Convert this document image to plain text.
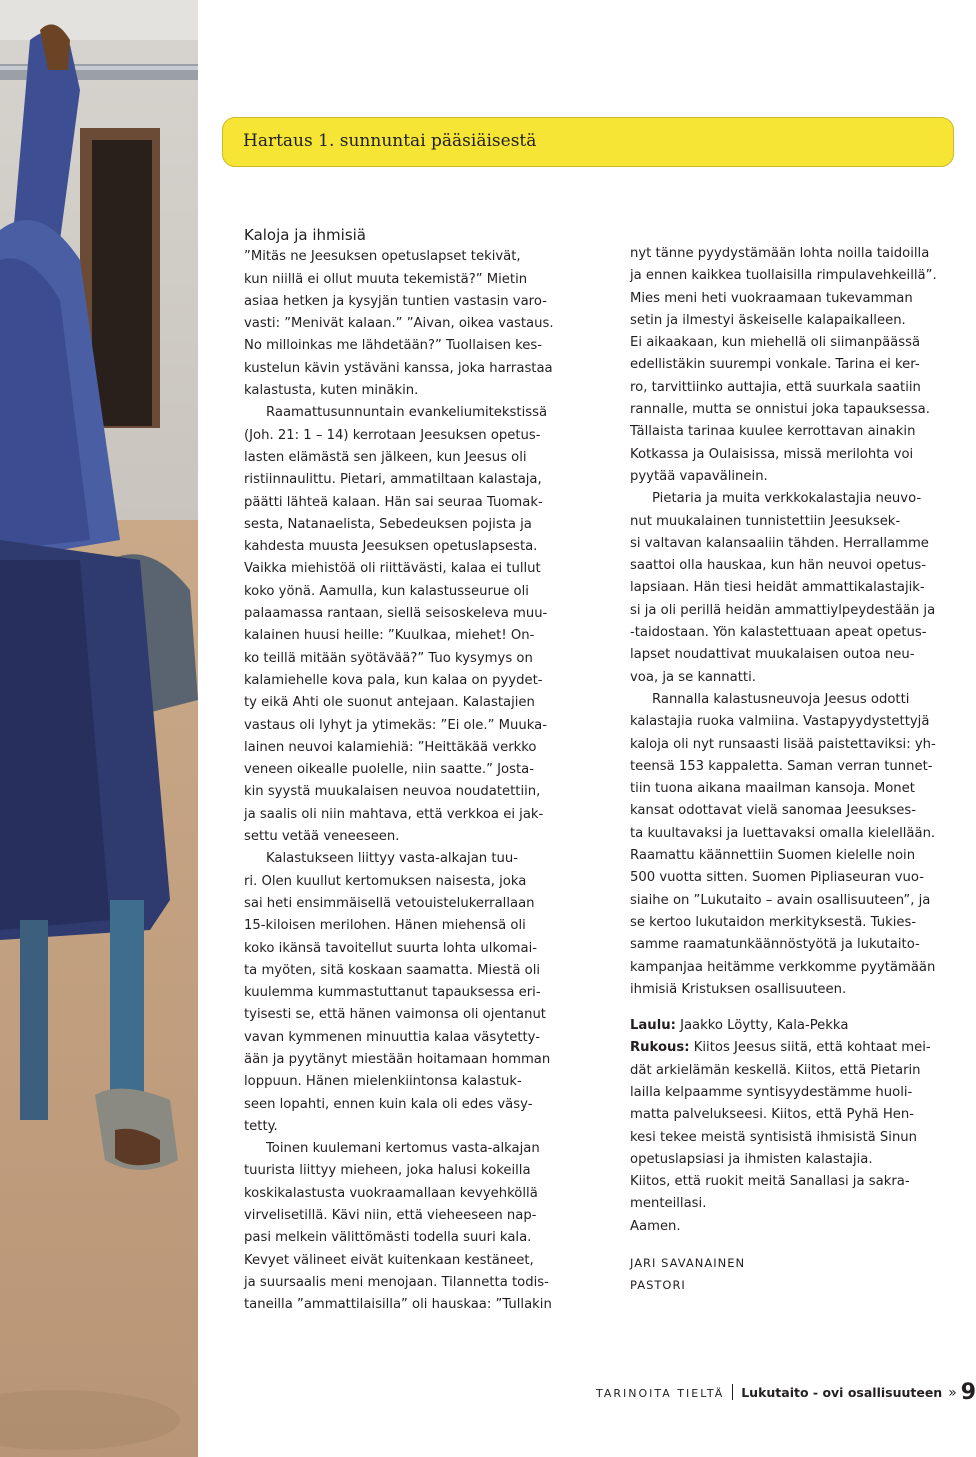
Hartaus 1. sunnuntai pääsiäisestä
Kaloja ja ihmisiä
”Mitäs ne Jeesuksen opetuslapset tekivät,
kun niillä ei ollut muuta tekemistä?” Mietin
asiaa hetken ja kysyjän tuntien vastasin varo-
vasti: ”Menivät kalaan.” ”Aivan, oikea vastaus.
No milloinkas me lähdetään?” Tuollaisen kes-
kustelun kävin ystäväni kanssa, joka harrastaa
kalastusta, kuten minäkin.
Raamattusunnuntain evankeliumitekstissä
(Joh. 21: 1 – 14) kerrotaan Jeesuksen opetus-
lasten elämästä sen jälkeen, kun Jeesus oli
ristiinnaulittu. Pietari, ammatiltaan kalastaja,
päätti lähteä kalaan. Hän sai seuraa Tuomak-
sesta, Natanaelista, Sebedeuksen pojista ja
kahdesta muusta Jeesuksen opetuslapsesta.
Vaikka miehistöä oli riittävästi, kalaa ei tullut
koko yönä. Aamulla, kun kalastusseurue oli
palaamassa rantaan, siellä seisoskeleva muu-
kalainen huusi heille: ”Kuulkaa, miehet! On-
ko teillä mitään syötävää?” Tuo kysymys on
kalamiehelle kova pala, kun kalaa on pyydet-
ty eikä Ahti ole suonut antejaan. Kalastajien
vastaus oli lyhyt ja ytimekäs: ”Ei ole.” Muuka-
lainen neuvoi kalamiehiä: ”Heittäkää verkko
veneen oikealle puolelle, niin saatte.” Josta-
kin syystä muukalaisen neuvoa noudatettiin,
ja saalis oli niin mahtava, että verkkoa ei jak-
settu vetää veneeseen.
Kalastukseen liittyy vasta-alkajan tuu-
ri. Olen kuullut kertomuksen naisesta, joka
sai heti ensimmäisellä vetouistelukerrallaan
15-kiloisen merilohen. Hänen miehensä oli
koko ikänsä tavoitellut suurta lohta ulkomai-
ta myöten, sitä koskaan saamatta. Miestä oli
kuulemma kummastuttanut tapauksessa eri-
tyisesti se, että hänen vaimonsa oli ojentanut
vavan kymmenen minuuttia kalaa väsytetty-
ään ja pyytänyt miestään hoitamaan homman
loppuun. Hänen mielenkiintonsa kalastuk-
seen lopahti, ennen kuin kala oli edes väsy-
tetty.
Toinen kuulemani kertomus vasta-alkajan
tuurista liittyy mieheen, joka halusi kokeilla
koskikalastusta vuokraamallaan kevyehköllä
virvelisetillä. Kävi niin, että vieheeseen nap-
pasi melkein välittömästi todella suuri kala.
Kevyet välineet eivät kuitenkaan kestäneet,
ja suursaalis meni menojaan. Tilannetta todis-
taneilla ”ammattilaisilla” oli hauskaa: ”Tullakin
nyt tänne pyydystämään lohta noilla taidoilla
ja ennen kaikkea tuollaisilla rimpulavehkeillä”.
Mies meni heti vuokraamaan tukevamman
setin ja ilmestyi äskeiselle kalapaikalleen.
Ei aikaakaan, kun miehellä oli siimanpäässä
edellistäkin suurempi vonkale. Tarina ei ker-
ro, tarvittiinko auttajia, että suurkala saatiin
rannalle, mutta se onnistui joka tapauksessa.
Tällaista tarinaa kuulee kerrottavan ainakin
Kotkassa ja Oulaisissa, missä merilohta voi
pyytää vapavälinein.
Pietaria ja muita verkkokalastajia neuvo-
nut muukalainen tunnistettiin Jeesuksek-
si valtavan kalansaaliin tähden. Herrallamme
saattoi olla hauskaa, kun hän neuvoi opetus-
lapsiaan. Hän tiesi heidät ammattikalastajik-
si ja oli perillä heidän ammattiylpeydestään ja
-taidostaan. Yön kalastettuaan apeat opetus-
lapset noudattivat muukalaisen outoa neu-
voa, ja se kannatti.
Rannalla kalastusneuvoja Jeesus odotti
kalastajia ruoka valmiina. Vastapyydystettyjä
kaloja oli nyt runsaasti lisää paistettaviksi: yh-
teensä 153 kappaletta. Saman verran tunnet-
tiin tuona aikana maailman kansoja. Monet
kansat odottavat vielä sanomaa Jeesukses-
ta kuultavaksi ja luettavaksi omalla kielellään.
Raamattu käännettiin Suomen kielelle noin
500 vuotta sitten. Suomen Pipliaseuran vuo-
siaihe on ”Lukutaito – avain osallisuuteen”, ja
se kertoo lukutaidon merkityksestä. Tukies-
samme raamatunkäännöstyötä ja lukutaito-
kampanjaa heitämme verkkomme pyytämään
ihmisiä Kristuksen osallisuuteen.
Laulu: Jaakko Löytty, Kala-Pekka
Rukous: Kiitos Jeesus siitä, että kohtaat mei-
dät arkielämän keskellä. Kiitos, että Pietarin
lailla kelpaamme syntisyydestämme huoli-
matta palvelukseesi. Kiitos, että Pyhä Hen-
kesi tekee meistä syntisistä ihmisistä Sinun
opetuslapsiasi ja ihmisten kalastajia.
Kiitos, että ruokit meitä Sanallasi ja sakra-
menteillasi.
Aamen.
JARI SAVANAINEN
PASTORI
TARINOITA TIELTÄ Lukutaito - ovi osallisuuteen » 9
